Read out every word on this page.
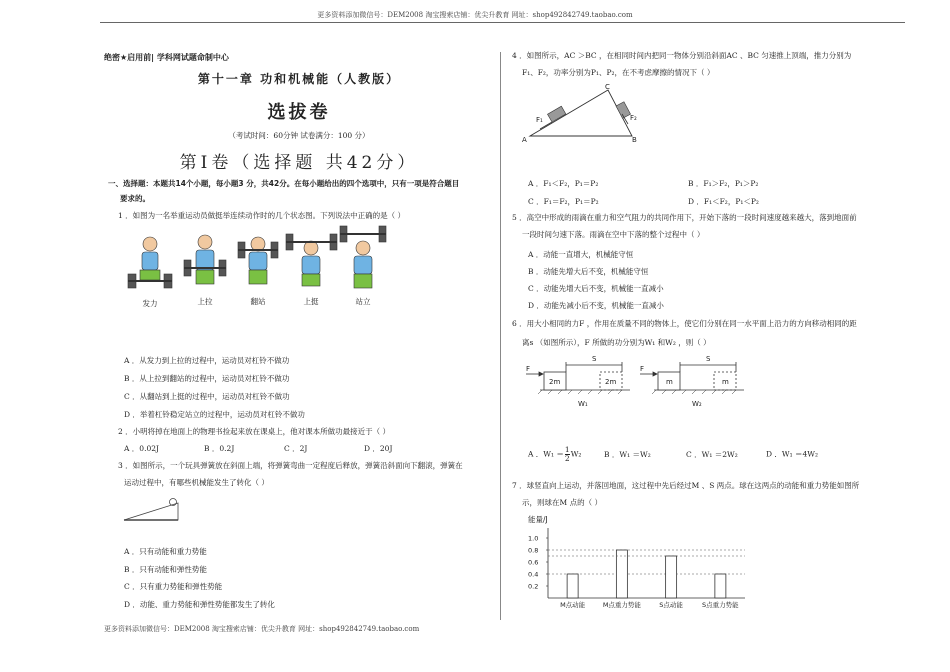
更多资料添加微信号：DEM2008 淘宝搜索店铺：优尖升教育 网址：shop492842749.taobao.com
绝密★启用前| 学科网试题命制中心
第十一章 功和机械能（人教版）
选拔卷
（考试时间：60分钟 试卷满分：100 分）
第Ⅰ卷（选择题 共42分）
一、选择题：本题共14个小题，每小题3 分，共42分。在每小题给出的四个选项中，只有一项是符合题目
要求的。
1 ．如图为一名举重运动员做挺举连续动作时的几个状态图。下列说法中正确的是（ ）
发力	上拉	翻站	上挺	站立
A ．从发力到上拉的过程中，运动员对杠铃不做功
B ．从上拉到翻站的过程中，运动员对杠铃不做功
C ．从翻站到上挺的过程中，运动员对杠铃不做功
D ．举着杠铃稳定站立的过程中，运动员对杠铃不做功
2 ．小明将掉在地面上的物理书捡起来放在课桌上，他对课本所做功最接近于（ ）
A ．0.02J	B ．0.2J	C ．2J	D ．20J
3 ．如图所示，一个玩具弹簧放在斜面上端，将弹簧弯曲一定程度后释放，弹簧沿斜面向下翻滚，弹簧在
运动过程中，有哪些机械能发生了转化（ ）
A ．只有动能和重力势能
B ．只有动能和弹性势能
C ．只有重力势能和弹性势能
D ．动能、重力势能和弹性势能都发生了转化
更多资料添加微信号：DEM2008 淘宝搜索店铺：优尖升教育 网址：shop492842749.taobao.com
4 ．如图所示，AC ＞BC ，在相同时间内把同一物体分别沿斜面AC 、BC 匀速推上顶端，推力分别为
F₁、F₂，功率分别为P₁、P₂，在不考虑摩擦的情况下（ ）
A	B
C
F₁	F₂
A ．F₁＜F₂，P₁＝P₂	B ．F₁＞F₂，P₁＞P₂
C ．F₁＝F₂，P₁＝P₂	D ．F₁＜F₂，P₁＜P₂
5 ．高空中形成的雨滴在重力和空气阻力的共同作用下，开始下落的一段时间速度越来越大，落到地面前
一段时间匀速下落。雨滴在空中下落的整个过程中（ ）
A ．动能一直增大，机械能守恒
B ．动能先增大后不变，机械能守恒
C ．动能先增大后不变，机械能一直减小
D ．动能先减小后不变，机械能一直减小
6 ．用大小相同的力F ，作用在质量不同的物体上，使它们分别在同一水平面上沿力的方向移动相同的距
离s （如图所示），F 所做的功分别为W₁ 和W₂ ，则（ ）
F
2m	2m
S
W₁
F
m	m
S
W₂
A ．$W_1 = \frac{1}{2} W_2$	B ．W₁ ＝W₂	C ．W₁ ＝2W₂	D ．W₁ ＝4W₂
7 ．球竖直向上运动，并落回地面，这过程中先后经过M 、S 两点。球在这两点的动能和重力势能如图所
示，则球在M 点的（ ）
能量/J
0.2
0.4
0.6
0.8
1.0
M点动能	M点重力势能	S点动能	S点重力势能
